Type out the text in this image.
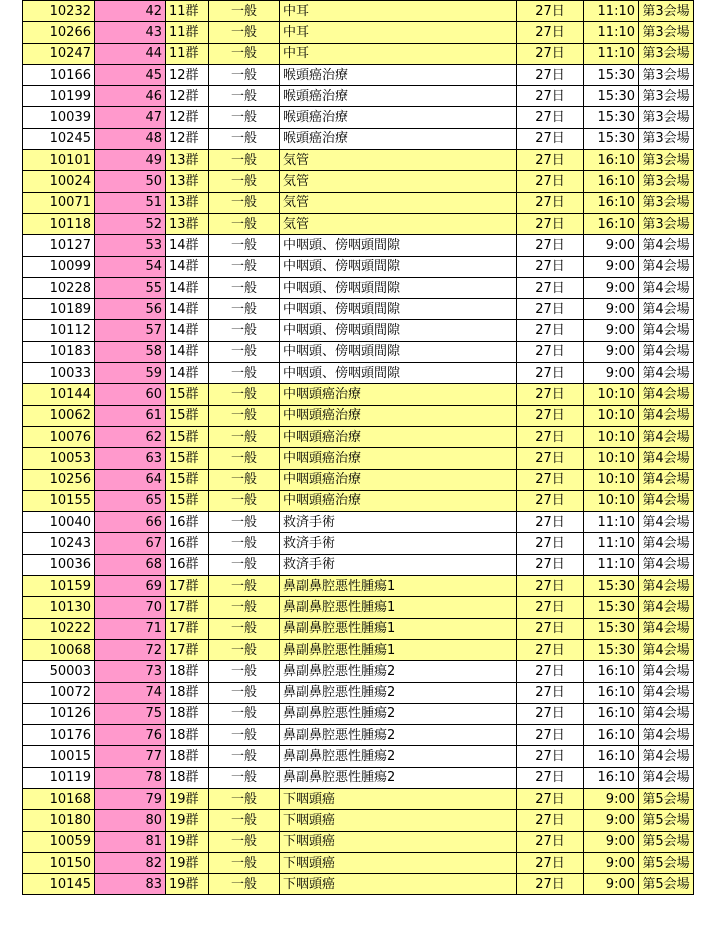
10232	42	11群	一般	中耳	27日	11:10	第3会場
10266	43	11群	一般	中耳	27日	11:10	第3会場
10247	44	11群	一般	中耳	27日	11:10	第3会場
10166	45	12群	一般	喉頭癌治療	27日	15:30	第3会場
10199	46	12群	一般	喉頭癌治療	27日	15:30	第3会場
10039	47	12群	一般	喉頭癌治療	27日	15:30	第3会場
10245	48	12群	一般	喉頭癌治療	27日	15:30	第3会場
10101	49	13群	一般	気管	27日	16:10	第3会場
10024	50	13群	一般	気管	27日	16:10	第3会場
10071	51	13群	一般	気管	27日	16:10	第3会場
10118	52	13群	一般	気管	27日	16:10	第3会場
10127	53	14群	一般	中咽頭、傍咽頭間隙	27日	9:00	第4会場
10099	54	14群	一般	中咽頭、傍咽頭間隙	27日	9:00	第4会場
10228	55	14群	一般	中咽頭、傍咽頭間隙	27日	9:00	第4会場
10189	56	14群	一般	中咽頭、傍咽頭間隙	27日	9:00	第4会場
10112	57	14群	一般	中咽頭、傍咽頭間隙	27日	9:00	第4会場
10183	58	14群	一般	中咽頭、傍咽頭間隙	27日	9:00	第4会場
10033	59	14群	一般	中咽頭、傍咽頭間隙	27日	9:00	第4会場
10144	60	15群	一般	中咽頭癌治療	27日	10:10	第4会場
10062	61	15群	一般	中咽頭癌治療	27日	10:10	第4会場
10076	62	15群	一般	中咽頭癌治療	27日	10:10	第4会場
10053	63	15群	一般	中咽頭癌治療	27日	10:10	第4会場
10256	64	15群	一般	中咽頭癌治療	27日	10:10	第4会場
10155	65	15群	一般	中咽頭癌治療	27日	10:10	第4会場
10040	66	16群	一般	救済手術	27日	11:10	第4会場
10243	67	16群	一般	救済手術	27日	11:10	第4会場
10036	68	16群	一般	救済手術	27日	11:10	第4会場
10159	69	17群	一般	鼻副鼻腔悪性腫瘍1	27日	15:30	第4会場
10130	70	17群	一般	鼻副鼻腔悪性腫瘍1	27日	15:30	第4会場
10222	71	17群	一般	鼻副鼻腔悪性腫瘍1	27日	15:30	第4会場
10068	72	17群	一般	鼻副鼻腔悪性腫瘍1	27日	15:30	第4会場
50003	73	18群	一般	鼻副鼻腔悪性腫瘍2	27日	16:10	第4会場
10072	74	18群	一般	鼻副鼻腔悪性腫瘍2	27日	16:10	第4会場
10126	75	18群	一般	鼻副鼻腔悪性腫瘍2	27日	16:10	第4会場
10176	76	18群	一般	鼻副鼻腔悪性腫瘍2	27日	16:10	第4会場
10015	77	18群	一般	鼻副鼻腔悪性腫瘍2	27日	16:10	第4会場
10119	78	18群	一般	鼻副鼻腔悪性腫瘍2	27日	16:10	第4会場
10168	79	19群	一般	下咽頭癌	27日	9:00	第5会場
10180	80	19群	一般	下咽頭癌	27日	9:00	第5会場
10059	81	19群	一般	下咽頭癌	27日	9:00	第5会場
10150	82	19群	一般	下咽頭癌	27日	9:00	第5会場
10145	83	19群	一般	下咽頭癌	27日	9:00	第5会場
